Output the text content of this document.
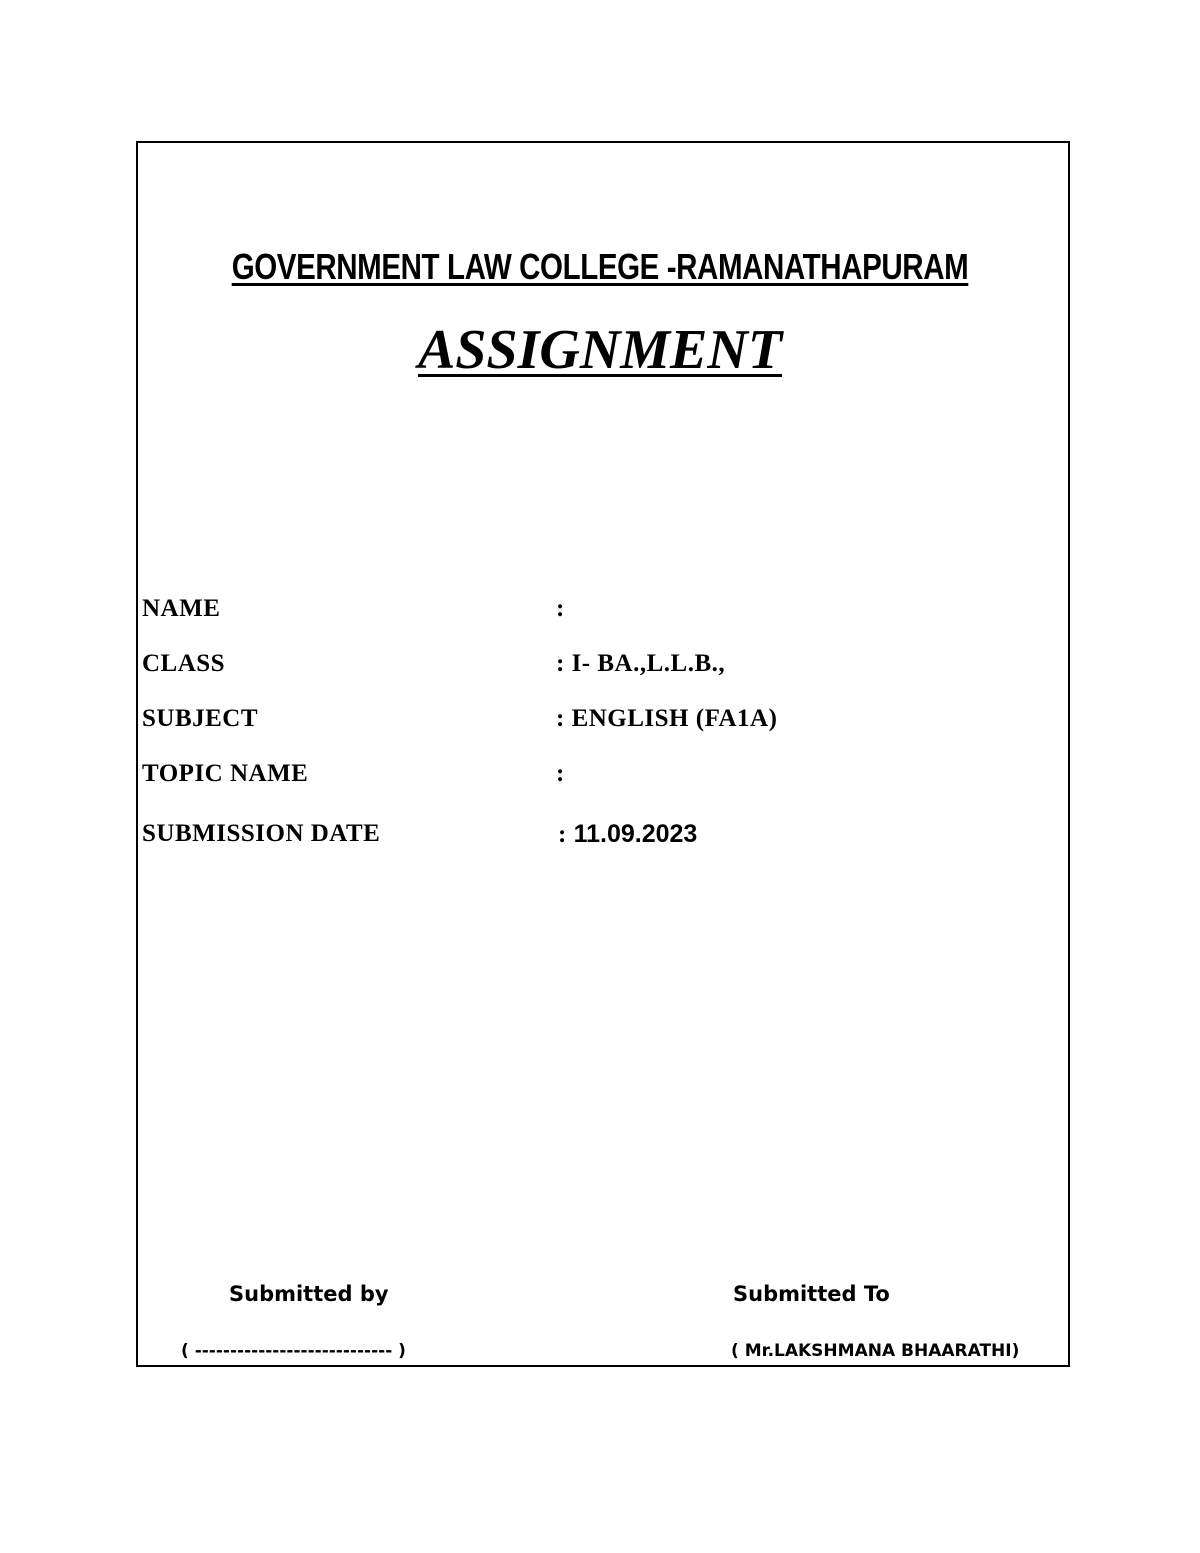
GOVERNMENT LAW COLLEGE -RAMANATHAPURAM
ASSIGNMENT
NAME	:
CLASS	: I- BA.,L.L.B.,
SUBJECT	: ENGLISH (FA1A)
TOPIC NAME	:
SUBMISSION DATE	: 11.09.2023
Submitted by	Submitted To
( ---------------------------- )	( Mr.LAKSHMANA BHAARATHI)
